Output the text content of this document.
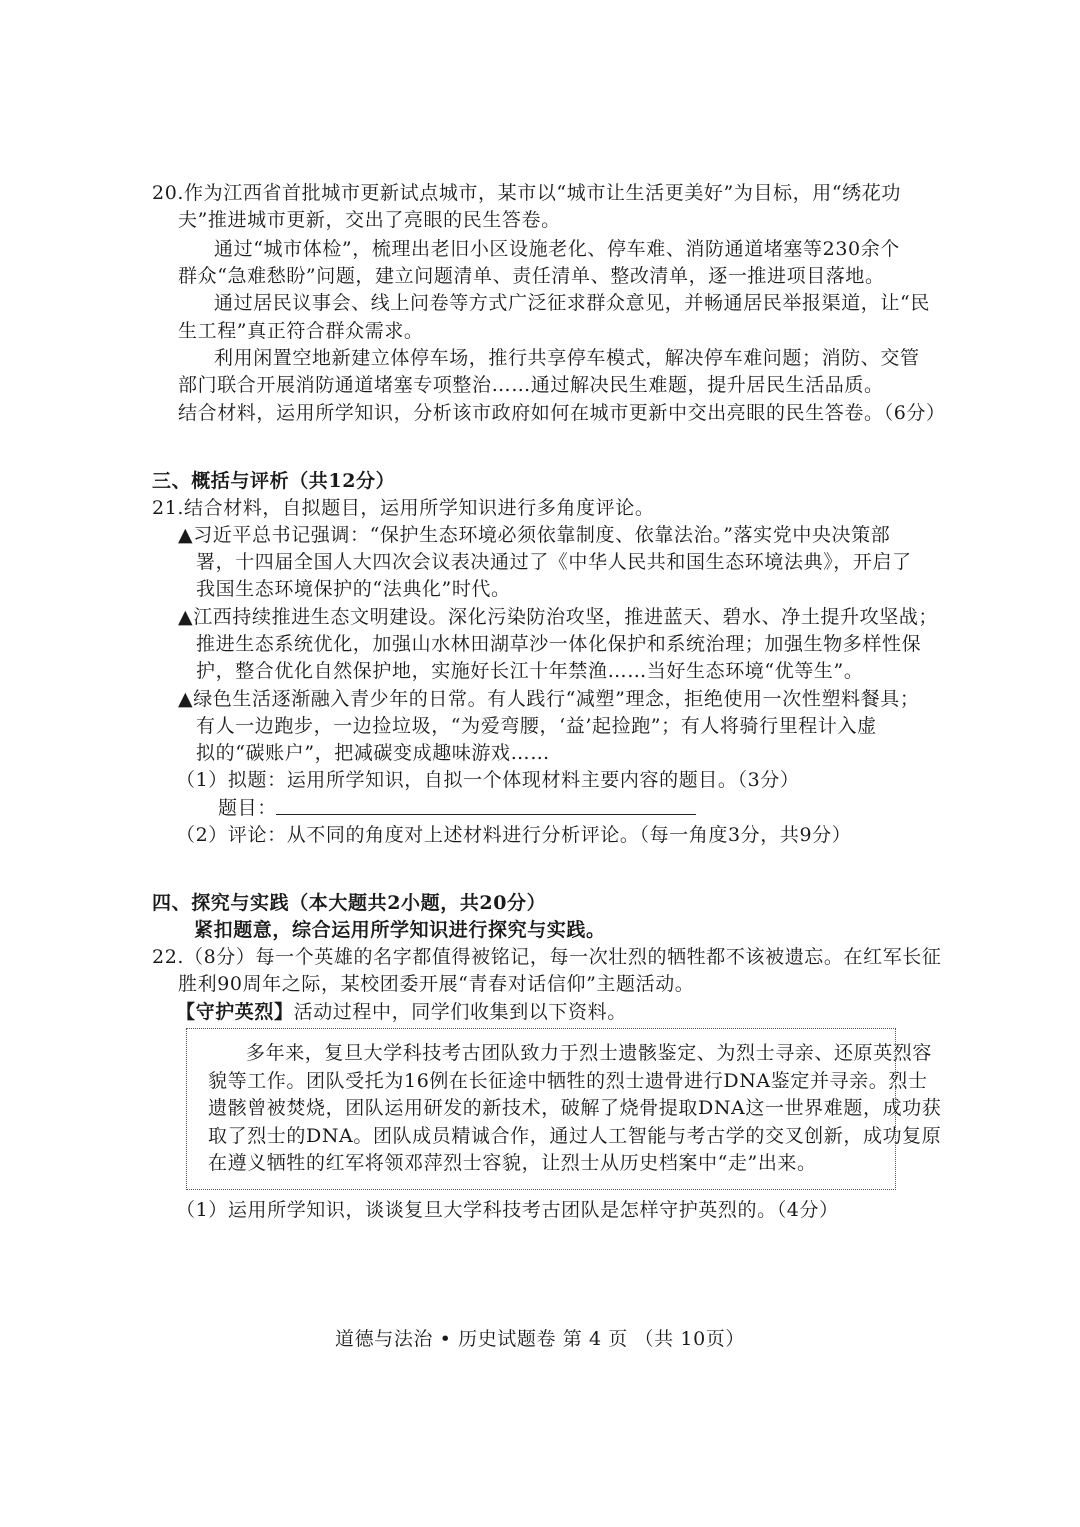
20.作为江西省首批城市更新试点城市，某市以“城市让生活更美好”为目标，用“绣花功
夫”推进城市更新，交出了亮眼的民生答卷。
通过“城市体检”，梳理出老旧小区设施老化、停车难、消防通道堵塞等230余个
群众“急难愁盼”问题，建立问题清单、责任清单、整改清单，逐一推进项目落地。
通过居民议事会、线上问卷等方式广泛征求群众意见，并畅通居民举报渠道，让“民
生工程”真正符合群众需求。
利用闲置空地新建立体停车场，推行共享停车模式，解决停车难问题；消防、交管
部门联合开展消防通道堵塞专项整治……通过解决民生难题，提升居民生活品质。
结合材料，运用所学知识，分析该市政府如何在城市更新中交出亮眼的民生答卷。（6分）
三、概括与评析（共12分）
21.结合材料，自拟题目，运用所学知识进行多角度评论。
▲习近平总书记强调：“保护生态环境必须依靠制度、依靠法治。”落实党中央决策部
署，十四届全国人大四次会议表决通过了《中华人民共和国生态环境法典》，开启了
我国生态环境保护的“法典化”时代。
▲江西持续推进生态文明建设。深化污染防治攻坚，推进蓝天、碧水、净土提升攻坚战；
推进生态系统优化，加强山水林田湖草沙一体化保护和系统治理；加强生物多样性保
护，整合优化自然保护地，实施好长江十年禁渔……当好生态环境“优等生”。
▲绿色生活逐渐融入青少年的日常。有人践行“减塑”理念，拒绝使用一次性塑料餐具；
有人一边跑步，一边捡垃圾，“为爱弯腰，‘益’起捡跑”；有人将骑行里程计入虚
拟的“碳账户”，把减碳变成趣味游戏……
（1）拟题：运用所学知识，自拟一个体现材料主要内容的题目。（3分）
题目：
（2）评论：从不同的角度对上述材料进行分析评论。（每一角度3分，共9分）
四、探究与实践（本大题共2小题，共20分）
紧扣题意，综合运用所学知识进行探究与实践。
22.（8分）每一个英雄的名字都值得被铭记，每一次壮烈的牺牲都不该被遗忘。在红军长征
胜利90周年之际，某校团委开展“青春对话信仰”主题活动。
【守护英烈】活动过程中，同学们收集到以下资料。
多年来，复旦大学科技考古团队致力于烈士遗骸鉴定、为烈士寻亲、还原英烈容
貌等工作。团队受托为16例在长征途中牺牲的烈士遗骨进行DNA鉴定并寻亲。烈士
遗骸曾被焚烧，团队运用研发的新技术，破解了烧骨提取DNA这一世界难题，成功获
取了烈士的DNA。团队成员精诚合作，通过人工智能与考古学的交叉创新，成功复原
在遵义牺牲的红军将领邓萍烈士容貌，让烈士从历史档案中“走”出来。
（1）运用所学知识，谈谈复旦大学科技考古团队是怎样守护英烈的。（4分）
道德与法治 • 历史试题卷 第 4 页 （共 10页）
